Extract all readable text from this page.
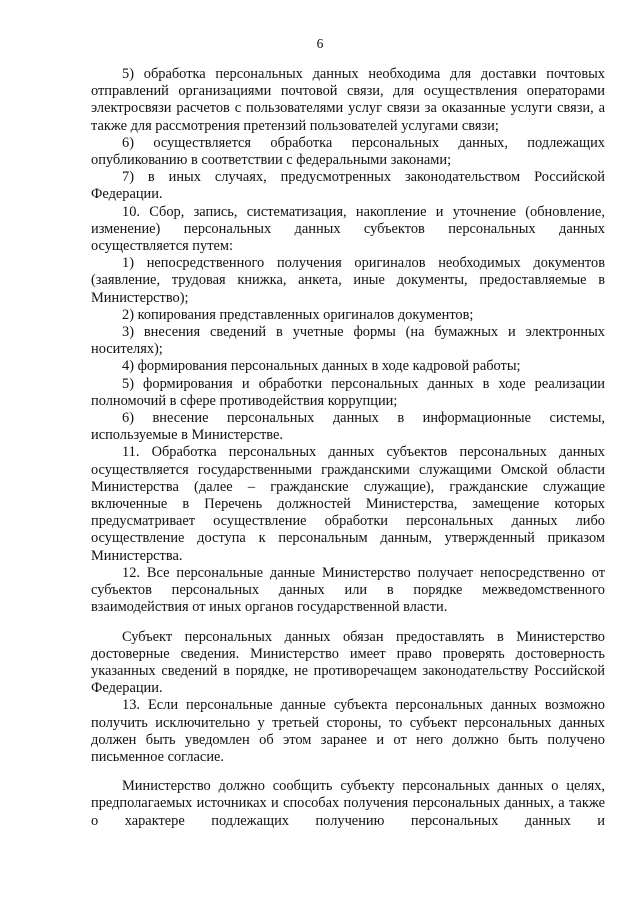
6

5) обработка персональных данных необходима для доставки почтовых отправлений организациями почтовой связи, для осуществления операторами электросвязи расчетов с пользователями услуг связи за оказанные услуги связи, а также для рассмотрения претензий пользователей услугами связи;

6) осуществляется обработка персональных данных, подлежащих опубликованию в соответствии с федеральными законами;

7) в иных случаях, предусмотренных законодательством Российской Федерации.

10. Сбор, запись, систематизация, накопление и уточнение (обновление, изменение) персональных данных субъектов персональных данных осуществляется путем:

1) непосредственного получения оригиналов необходимых документов (заявление, трудовая книжка, анкета, иные документы, предоставляемые в Министерство);

2) копирования представленных оригиналов документов;

3) внесения сведений в учетные формы (на бумажных и электронных носителях);

4) формирования персональных данных в ходе кадровой работы;

5) формирования и обработки персональных данных в ходе реализации полномочий в сфере противодействия коррупции;

6) внесение персональных данных в информационные системы, используемые в Министерстве.

11. Обработка персональных данных субъектов персональных данных осуществляется государственными гражданскими служащими Омской области Министерства (далее – гражданские служащие), гражданские служащие включенные в Перечень должностей Министерства, замещение которых предусматривает осуществление обработки персональных данных либо осуществление доступа к персональным данным, утвержденный приказом Министерства.

12. Все персональные данные Министерство получает непосредственно от субъектов персональных данных или в порядке межведомственного взаимодействия от иных органов государственной власти.

Субъект персональных данных обязан предоставлять в Министерство достоверные сведения. Министерство имеет право проверять достоверность указанных сведений в порядке, не противоречащем законодательству Российской Федерации.

13. Если персональные данные субъекта персональных данных возможно получить исключительно у третьей стороны, то субъект персональных данных должен быть уведомлен об этом заранее и от него должно быть получено письменное согласие.

Министерство должно сообщить субъекту персональных данных о целях, предполагаемых источниках и способах получения персональных данных, а также о характере подлежащих получению персональных данных и
